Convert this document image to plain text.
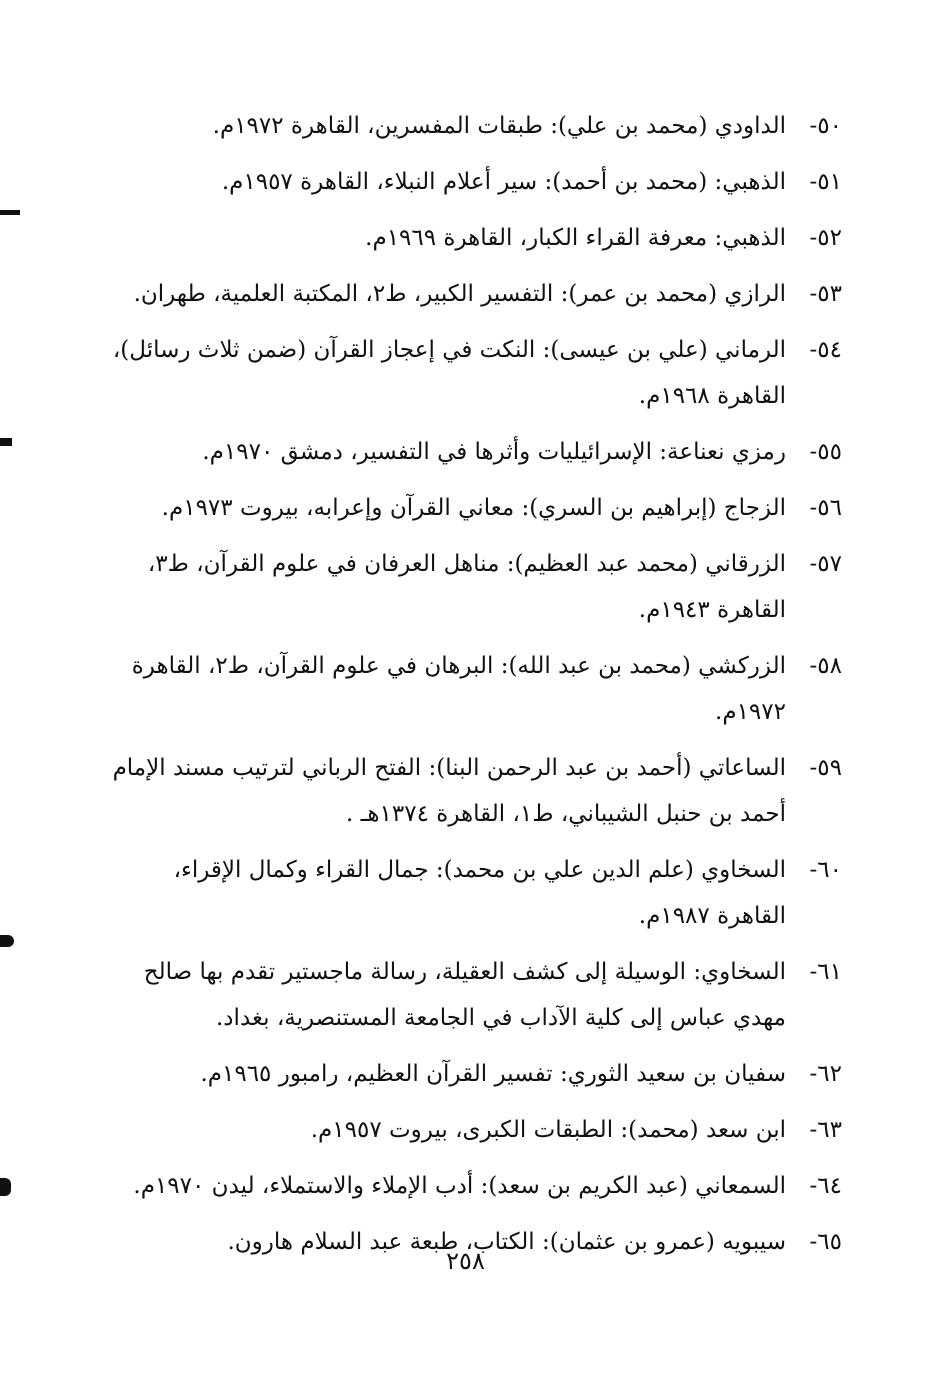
٥٠-
الداودي (محمد بن علي): طبقات المفسرين، القاهرة ١٩٧٢م.
٥١-
الذهبي: (محمد بن أحمد): سير أعلام النبلاء، القاهرة ١٩٥٧م.
٥٢-
الذهبي: معرفة القراء الكبار، القاهرة ١٩٦٩م.
٥٣-
الرازي (محمد بن عمر): التفسير الكبير، ط٢، المكتبة العلمية، طهران.
٥٤-
الرماني (علي بن عيسى): النكت في إعجاز القرآن (ضمن ثلاث رسائل)،
القاهرة ١٩٦٨م.
٥٥-
رمزي نعناعة: الإسرائيليات وأثرها في التفسير، دمشق ١٩٧٠م.
٥٦-
الزجاج (إبراهيم بن السري): معاني القرآن وإعرابه، بيروت ١٩٧٣م.
٥٧-
الزرقاني (محمد عبد العظيم): مناهل العرفان في علوم القرآن، ط٣،
القاهرة ١٩٤٣م.
٥٨-
الزركشي (محمد بن عبد الله): البرهان في علوم القرآن، ط٢، القاهرة
١٩٧٢م.
٥٩-
الساعاتي (أحمد بن عبد الرحمن البنا): الفتح الرباني لترتيب مسند الإمام
أحمد بن حنبل الشيباني، ط١، القاهرة ١٣٧٤هـ .
٦٠-
السخاوي (علم الدين علي بن محمد): جمال القراء وكمال الإقراء،
القاهرة ١٩٨٧م.
٦١-
السخاوي: الوسيلة إلى كشف العقيلة، رسالة ماجستير تقدم بها صالح
مهدي عباس إلى كلية الآداب في الجامعة المستنصرية، بغداد.
٦٢-
سفيان بن سعيد الثوري: تفسير القرآن العظيم، رامبور ١٩٦٥م.
٦٣-
ابن سعد (محمد): الطبقات الكبرى، بيروت ١٩٥٧م.
٦٤-
السمعاني (عبد الكريم بن سعد): أدب الإملاء والاستملاء، ليدن ١٩٧٠م.
٦٥-
سيبويه (عمرو بن عثمان): الكتاب، طبعة عبد السلام هارون.
٢٥٨
